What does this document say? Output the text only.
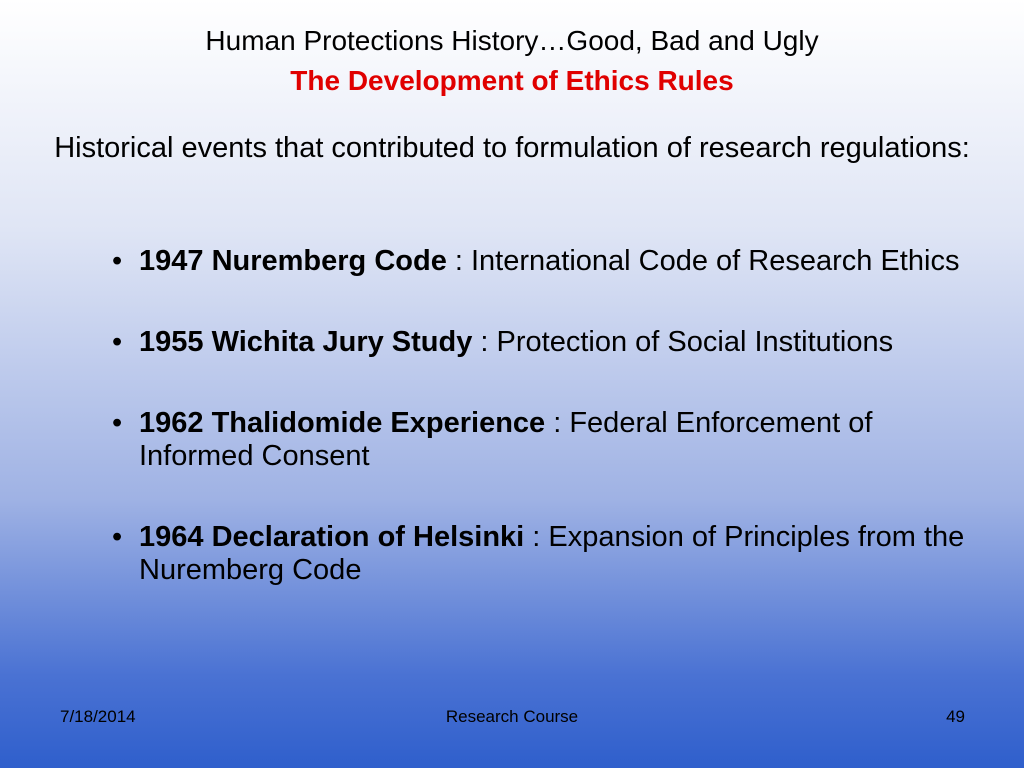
Human Protections History…Good, Bad and Ugly
The Development of Ethics Rules
Historical events that contributed to formulation of research regulations:
• 1947 Nuremberg Code : International Code of Research Ethics
• 1955 Wichita Jury Study : Protection of Social Institutions
• 1962 Thalidomide Experience : Federal Enforcement of Informed Consent
• 1964 Declaration of Helsinki : Expansion of Principles from the Nuremberg Code
7/18/2014	Research Course	49
